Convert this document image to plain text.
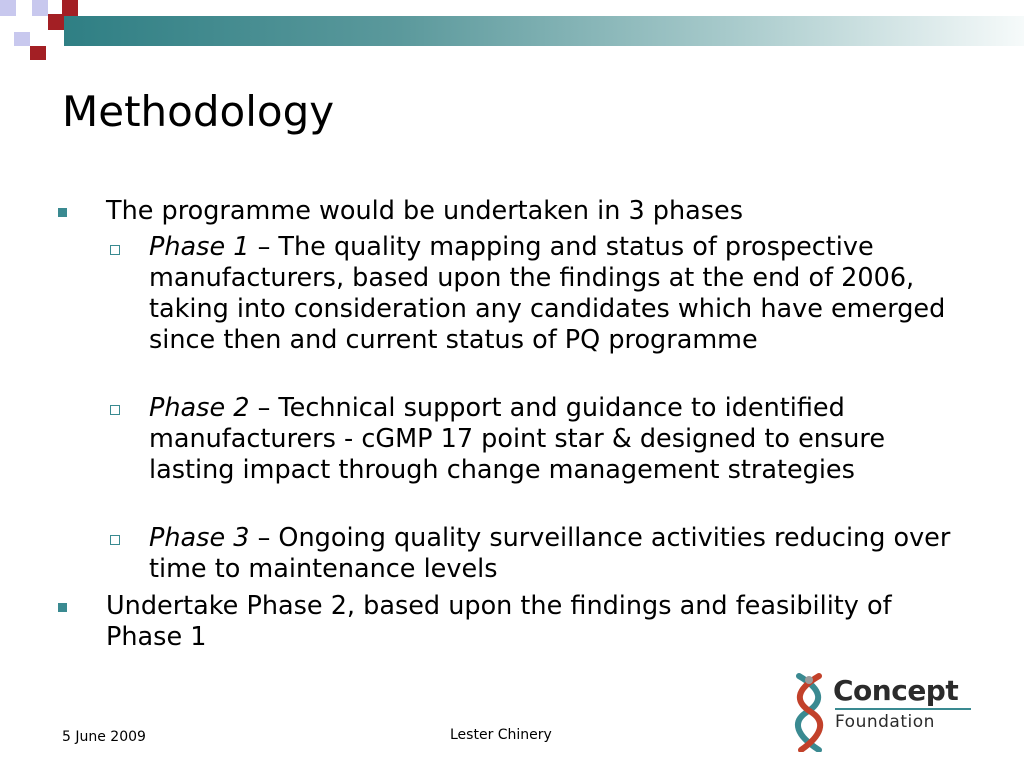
Methodology
The programme would be undertaken in 3 phases
Phase 1 – The quality mapping and status of prospective manufacturers, based upon the findings at the end of 2006, taking into consideration any candidates which have emerged since then and current status of PQ programme
Phase 2 – Technical support and guidance to identified manufacturers - cGMP 17 point star & designed to ensure lasting impact through change management strategies
Phase 3 – Ongoing quality surveillance activities reducing over time to maintenance levels
Undertake Phase 2, based upon the findings and feasibility of Phase 1
5 June 2009	Lester Chinery
Concept
Foundation
